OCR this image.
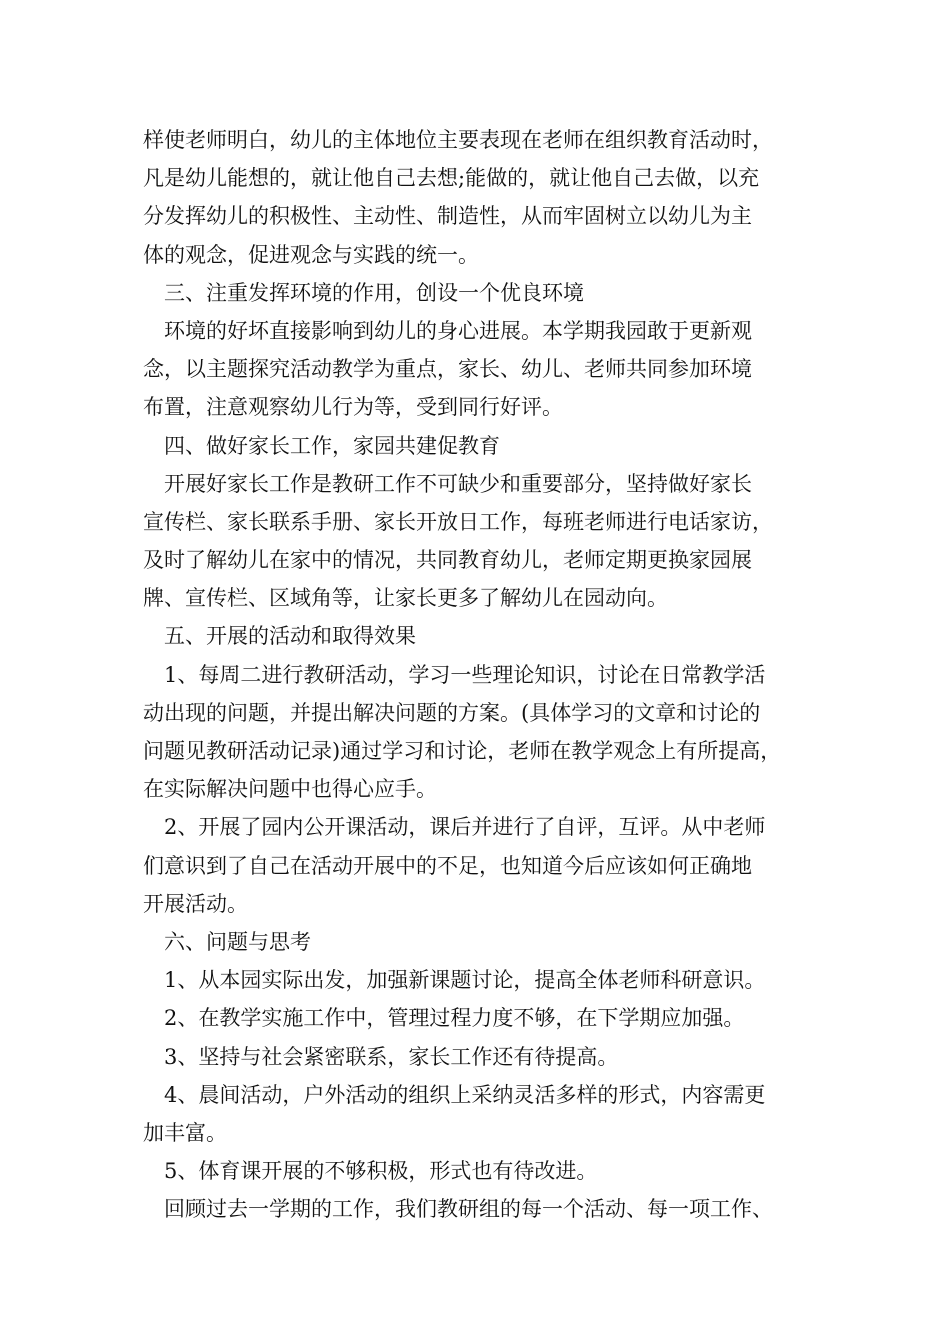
样使老师明白，幼儿的主体地位主要表现在老师在组织教育活动时，
凡是幼儿能想的，就让他自己去想;能做的，就让他自己去做，以充
分发挥幼儿的积极性、主动性、制造性，从而牢固树立以幼儿为主
体的观念，促进观念与实践的统一。
　三、注重发挥环境的作用，创设一个优良环境
　环境的好坏直接影响到幼儿的身心进展。本学期我园敢于更新观
念，以主题探究活动教学为重点，家长、幼儿、老师共同参加环境
布置，注意观察幼儿行为等，受到同行好评。
　四、做好家长工作，家园共建促教育
　开展好家长工作是教研工作不可缺少和重要部分，坚持做好家长
宣传栏、家长联系手册、家长开放日工作，每班老师进行电话家访，
及时了解幼儿在家中的情况，共同教育幼儿，老师定期更换家园展
牌、宣传栏、区域角等，让家长更多了解幼儿在园动向。
　五、开展的活动和取得效果
　1、每周二进行教研活动，学习一些理论知识，讨论在日常教学活
动出现的问题，并提出解决问题的方案。(具体学习的文章和讨论的
问题见教研活动记录)通过学习和讨论，老师在教学观念上有所提高，
在实际解决问题中也得心应手。
　2、开展了园内公开课活动，课后并进行了自评，互评。从中老师
们意识到了自己在活动开展中的不足，也知道今后应该如何正确地
开展活动。
　六、问题与思考
　1、从本园实际出发，加强新课题讨论，提高全体老师科研意识。
　2、在教学实施工作中，管理过程力度不够，在下学期应加强。
　3、坚持与社会紧密联系，家长工作还有待提高。
　4、晨间活动，户外活动的组织上采纳灵活多样的形式，内容需更
加丰富。
　5、体育课开展的不够积极，形式也有待改进。
　回顾过去一学期的工作，我们教研组的每一个活动、每一项工作、
